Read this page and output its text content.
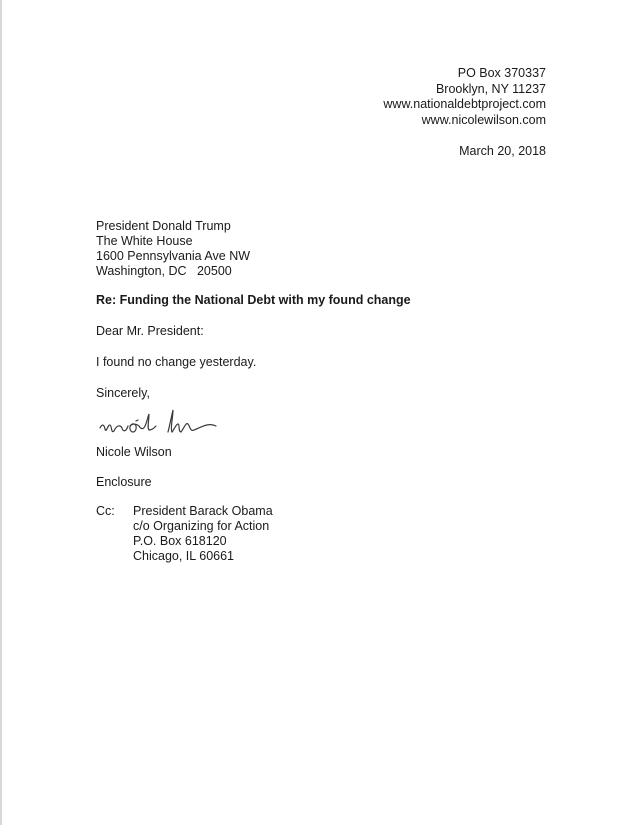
PO Box 370337
Brooklyn, NY 11237
www.nationaldebtproject.com
www.nicolewilson.com
March 20, 2018
President Donald Trump
The White House
1600 Pennsylvania Ave NW
Washington, DC   20500
Re: Funding the National Debt with my found change
Dear Mr. President:
I found no change yesterday.
Sincerely,
Nicole Wilson
Enclosure
Cc:	President Barack Obama
c/o Organizing for Action
P.O. Box 618120
Chicago, IL 60661
